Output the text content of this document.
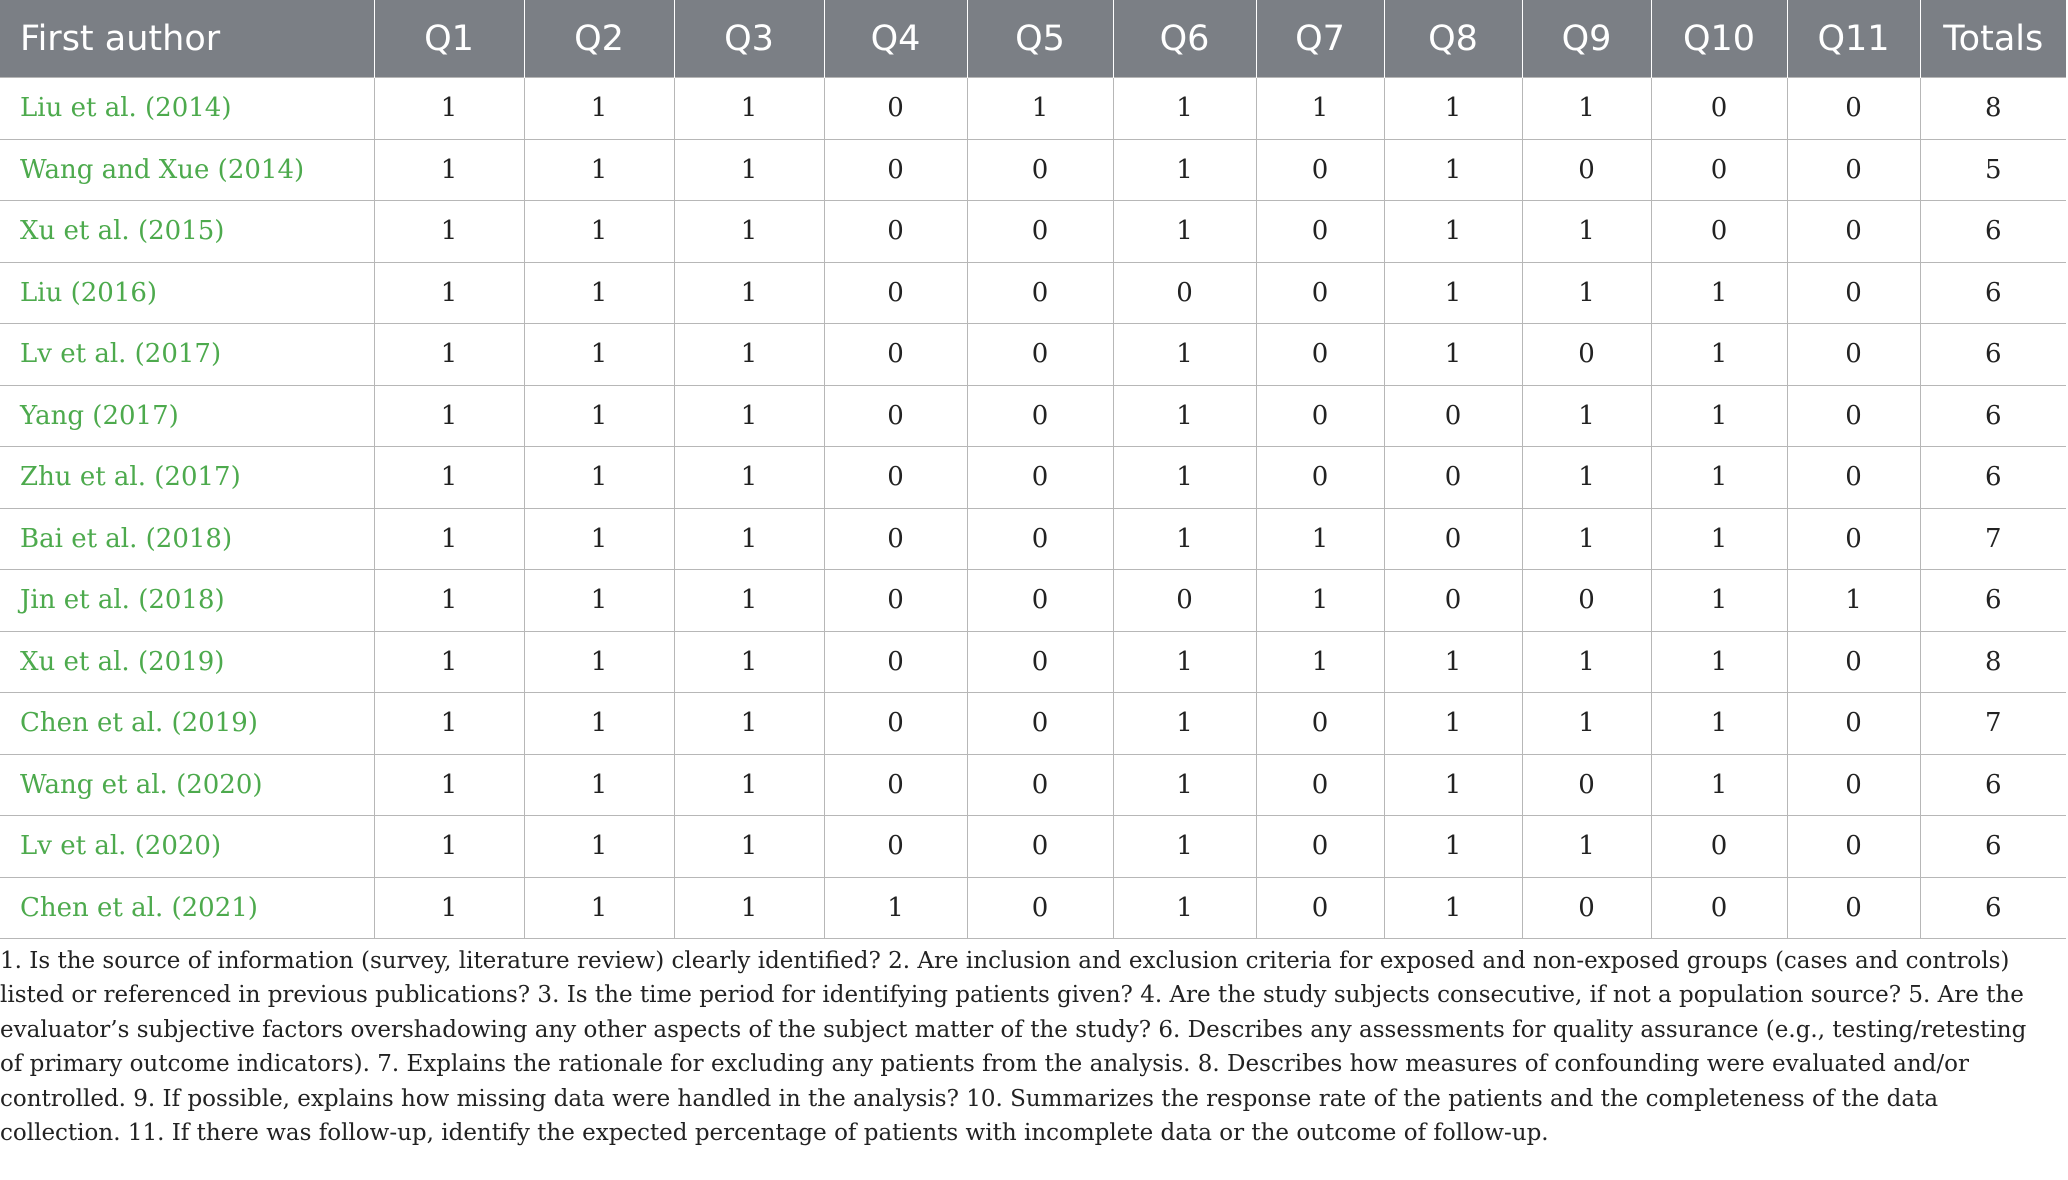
First author	Q1	Q2	Q3	Q4	Q5	Q6	Q7	Q8	Q9	Q10	Q11	Totals
Liu et al. (2014)	1	1	1	0	1	1	1	1	1	0	0	8
Wang and Xue (2014)	1	1	1	0	0	1	0	1	0	0	0	5
Xu et al. (2015)	1	1	1	0	0	1	0	1	1	0	0	6
Liu (2016)	1	1	1	0	0	0	0	1	1	1	0	6
Lv et al. (2017)	1	1	1	0	0	1	0	1	0	1	0	6
Yang (2017)	1	1	1	0	0	1	0	0	1	1	0	6
Zhu et al. (2017)	1	1	1	0	0	1	0	0	1	1	0	6
Bai et al. (2018)	1	1	1	0	0	1	1	0	1	1	0	7
Jin et al. (2018)	1	1	1	0	0	0	1	0	0	1	1	6
Xu et al. (2019)	1	1	1	0	0	1	1	1	1	1	0	8
Chen et al. (2019)	1	1	1	0	0	1	0	1	1	1	0	7
Wang et al. (2020)	1	1	1	0	0	1	0	1	0	1	0	6
Lv et al. (2020)	1	1	1	0	0	1	0	1	1	0	0	6
Chen et al. (2021)	1	1	1	1	0	1	0	1	0	0	0	6
1. Is the source of information (survey, literature review) clearly identified? 2. Are inclusion and exclusion criteria for exposed and non-exposed groups (cases and controls) listed or referenced in previous publications? 3. Is the time period for identifying patients given? 4. Are the study subjects consecutive, if not a population source? 5. Are the evaluator’s subjective factors overshadowing any other aspects of the subject matter of the study? 6. Describes any assessments for quality assurance (e.g., testing/retesting of primary outcome indicators). 7. Explains the rationale for excluding any patients from the analysis. 8. Describes how measures of confounding were evaluated and/or controlled. 9. If possible, explains how missing data were handled in the analysis? 10. Summarizes the response rate of the patients and the completeness of the data collection. 11. If there was follow-up, identify the expected percentage of patients with incomplete data or the outcome of follow-up.
